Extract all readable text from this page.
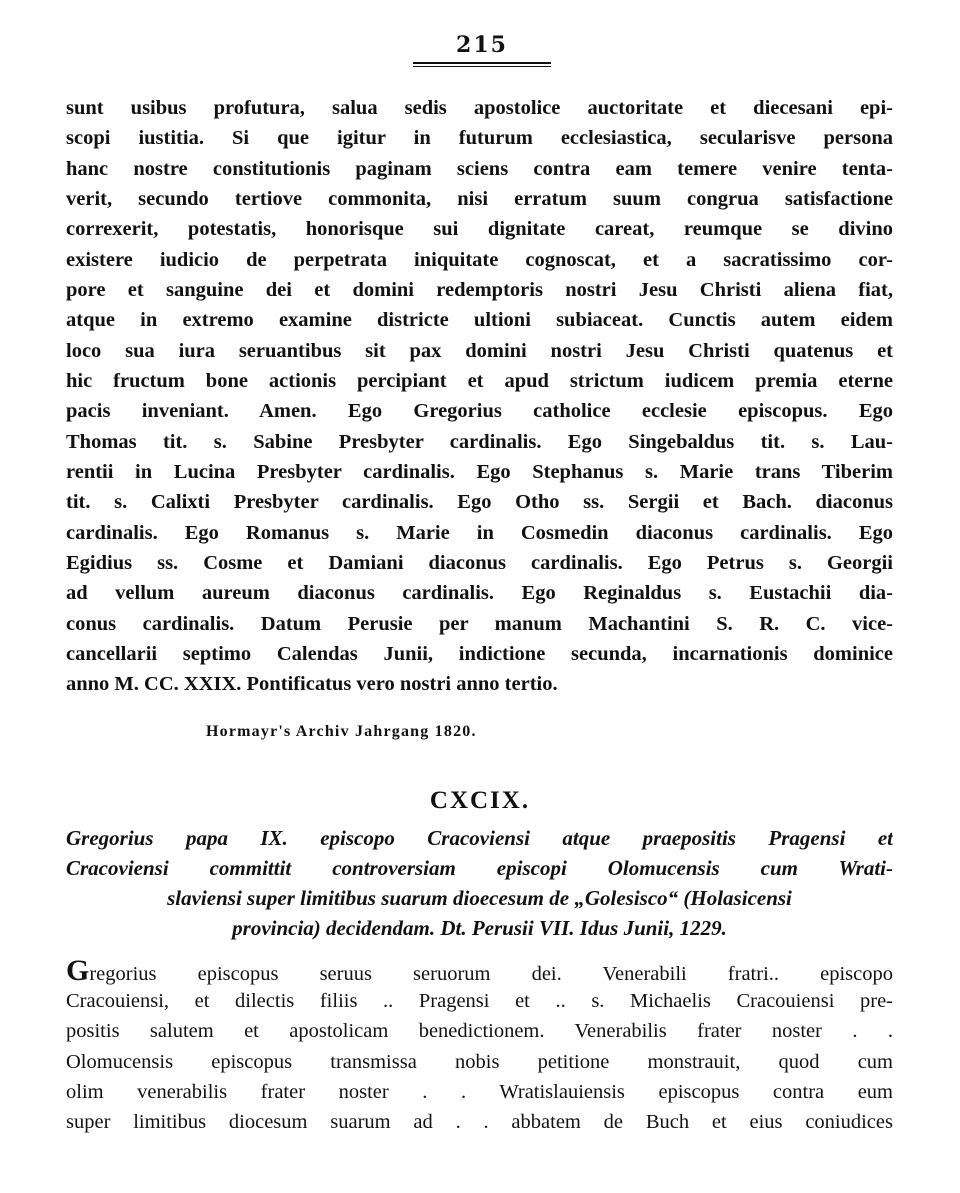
215
sunt usibus profutura, salua sedis apostolice auctoritate et diecesani epi-
scopi iustitia. Si que igitur in futurum ecclesiastica, secularisve persona
hanc nostre constitutionis paginam sciens contra eam temere venire tenta-
verit, secundo tertiove commonita, nisi erratum suum congrua satisfactione
correxerit, potestatis, honorisque sui dignitate careat, reumque se divino
existere iudicio de perpetrata iniquitate cognoscat, et a sacratissimo cor-
pore et sanguine dei et domini redemptoris nostri Jesu Christi aliena fiat,
atque in extremo examine districte ultioni subiaceat. Cunctis autem eidem
loco sua iura seruantibus sit pax domini nostri Jesu Christi quatenus et
hic fructum bone actionis percipiant et apud strictum iudicem premia eterne
pacis inveniant. Amen. Ego Gregorius catholice ecclesie episcopus. Ego
Thomas tit. s. Sabine Presbyter cardinalis. Ego Singebaldus tit. s. Lau-
rentii in Lucina Presbyter cardinalis. Ego Stephanus s. Marie trans Tiberim
tit. s. Calixti Presbyter cardinalis. Ego Otho ss. Sergii et Bach. diaconus
cardinalis. Ego Romanus s. Marie in Cosmedin diaconus cardinalis. Ego
Egidius ss. Cosme et Damiani diaconus cardinalis. Ego Petrus s. Georgii
ad vellum aureum diaconus cardinalis. Ego Reginaldus s. Eustachii dia-
conus cardinalis. Datum Perusie per manum Machantini S. R. C. vice-
cancellarii septimo Calendas Junii, indictione secunda, incarnationis dominice
anno M. CC. XXIX. Pontificatus vero nostri anno tertio.
Hormayr's Archiv Jahrgang 1820.
CXCIX.
Gregorius papa IX. episcopo Cracoviensi atque praepositis Pragensi et
Cracoviensi committit controversiam episcopi Olomucensis cum Wrati-
slaviensi super limitibus suarum dioecesum de „Golesisco“ (Holasicensi
provincia) decidendam. Dt. Perusii VII. Idus Junii, 1229.
Gregorius episcopus seruus seruorum dei. Venerabili fratri.. episcopo
Cracouiensi, et dilectis filiis .. Pragensi et .. s. Michaelis Cracouiensi pre-
positis salutem et apostolicam benedictionem. Venerabilis frater noster . .
Olomucensis episcopus transmissa nobis petitione monstrauit, quod cum
olim venerabilis frater noster . . Wratislauiensis episcopus contra eum
super limitibus diocesum suarum ad . . abbatem de Buch et eius coniudices
